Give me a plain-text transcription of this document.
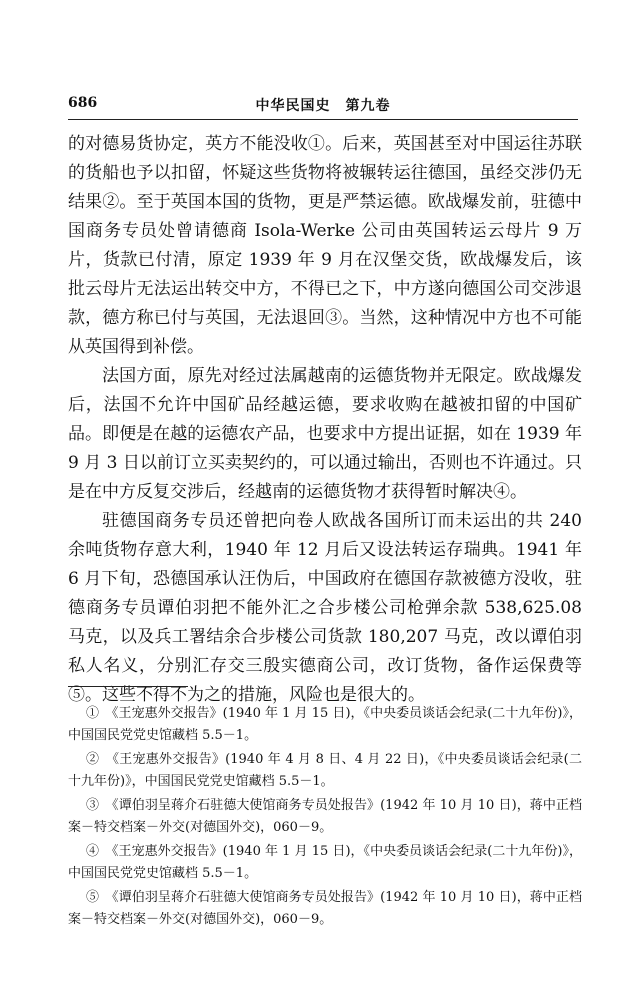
686	中华民国史　第九卷

的对德易货协定，英方不能没收①。后来，英国甚至对中国运往苏联的货船也予以扣留，怀疑这些货物将被辗转运往德国，虽经交涉仍无结果②。至于英国本国的货物，更是严禁运德。欧战爆发前，驻德中国商务专员处曾请德商 Isola-Werke 公司由英国转运云母片 9 万片，货款已付清，原定 1939 年 9 月在汉堡交货，欧战爆发后，该批云母片无法运出转交中方，不得已之下，中方遂向德国公司交涉退款，德方称已付与英国，无法退回③。当然，这种情况中方也不可能从英国得到补偿。

法国方面，原先对经过法属越南的运德货物并无限定。欧战爆发后，法国不允许中国矿品经越运德，要求收购在越被扣留的中国矿品。即便是在越的运德农产品，也要求中方提出证据，如在 1939 年 9 月 3 日以前订立买卖契约的，可以通过输出，否则也不许通过。只是在中方反复交涉后，经越南的运德货物才获得暂时解决④。

驻德国商务专员还曾把向卷人欧战各国所订而未运出的共 240 余吨货物存意大利，1940 年 12 月后又设法转运存瑞典。1941 年 6 月下旬，恐德国承认汪伪后，中国政府在德国存款被德方没收，驻德商务专员谭伯羽把不能外汇之合步楼公司枪弹余款 538,625.08 马克，以及兵工署结余合步楼公司货款 180,207 马克，改以谭伯羽私人名义，分别汇存交三殷实德商公司，改订货物，备作运保费等⑤。这些不得不为之的措施，风险也是很大的。

①　《王宠惠外交报告》(1940 年 1 月 15 日)，《中央委员谈话会纪录(二十九年份)》，中国国民党党史馆藏档 5.5－1。

②　《王宠惠外交报告》(1940 年 4 月 8 日、4 月 22 日)，《中央委员谈话会纪录(二十九年份)》，中国国民党党史馆藏档 5.5－1。

③　《谭伯羽呈蒋介石驻德大使馆商务专员处报告》(1942 年 10 月 10 日)，蒋中正档案－特交档案－外交(对德国外交)，060－9。

④　《王宠惠外交报告》(1940 年 1 月 15 日)，《中央委员谈话会纪录(二十九年份)》，中国国民党党史馆藏档 5.5－1。

⑤　《谭伯羽呈蒋介石驻德大使馆商务专员处报告》(1942 年 10 月 10 日)，蒋中正档案－特交档案－外交(对德国外交)，060－9。
